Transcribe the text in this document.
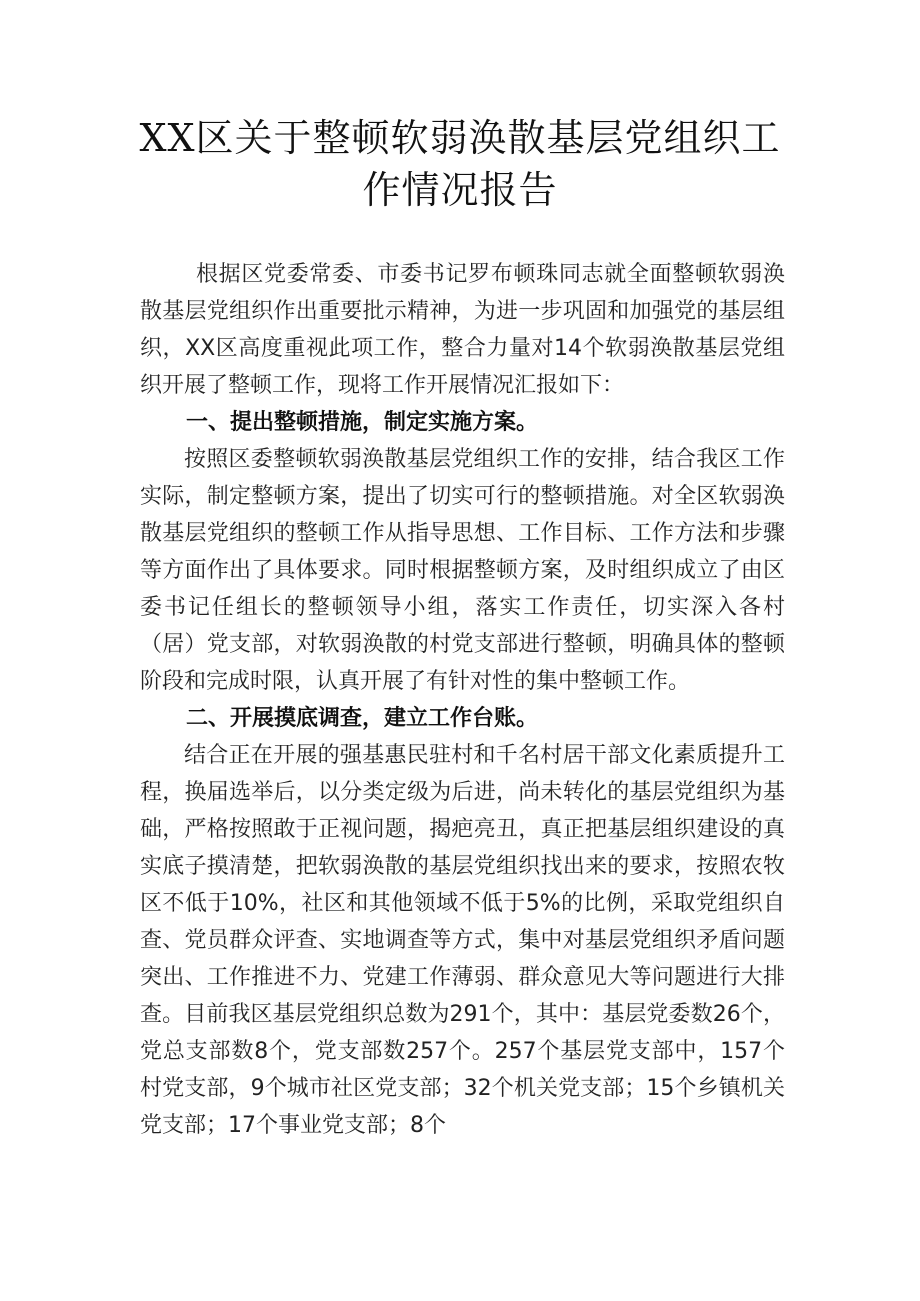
XX区关于整顿软弱涣散基层党组织工作情况报告

根据区党委常委、市委书记罗布顿珠同志就全面整顿软弱涣散基层党组织作出重要批示精神，为进一步巩固和加强党的基层组织，XX区高度重视此项工作，整合力量对14个软弱涣散基层党组织开展了整顿工作，现将工作开展情况汇报如下：

一、提出整顿措施，制定实施方案。

按照区委整顿软弱涣散基层党组织工作的安排，结合我区工作实际，制定整顿方案，提出了切实可行的整顿措施。对全区软弱涣散基层党组织的整顿工作从指导思想、工作目标、工作方法和步骤等方面作出了具体要求。同时根据整顿方案，及时组织成立了由区委书记任组长的整顿领导小组，落实工作责任，切实深入各村（居）党支部，对软弱涣散的村党支部进行整顿，明确具体的整顿阶段和完成时限，认真开展了有针对性的集中整顿工作。

二、开展摸底调查，建立工作台账。

结合正在开展的强基惠民驻村和千名村居干部文化素质提升工程，换届选举后，以分类定级为后进，尚未转化的基层党组织为基础，严格按照敢于正视问题，揭疤亮丑，真正把基层组织建设的真实底子摸清楚，把软弱涣散的基层党组织找出来的要求，按照农牧区不低于10%，社区和其他领域不低于5%的比例，采取党组织自查、党员群众评查、实地调查等方式，集中对基层党组织矛盾问题突出、工作推进不力、党建工作薄弱、群众意见大等问题进行大排查。目前我区基层党组织总数为291个，其中：基层党委数26个，党总支部数8个，党支部数257个。257个基层党支部中，157个村党支部，9个城市社区党支部；32个机关党支部；15个乡镇机关党支部；17个事业党支部；8个
